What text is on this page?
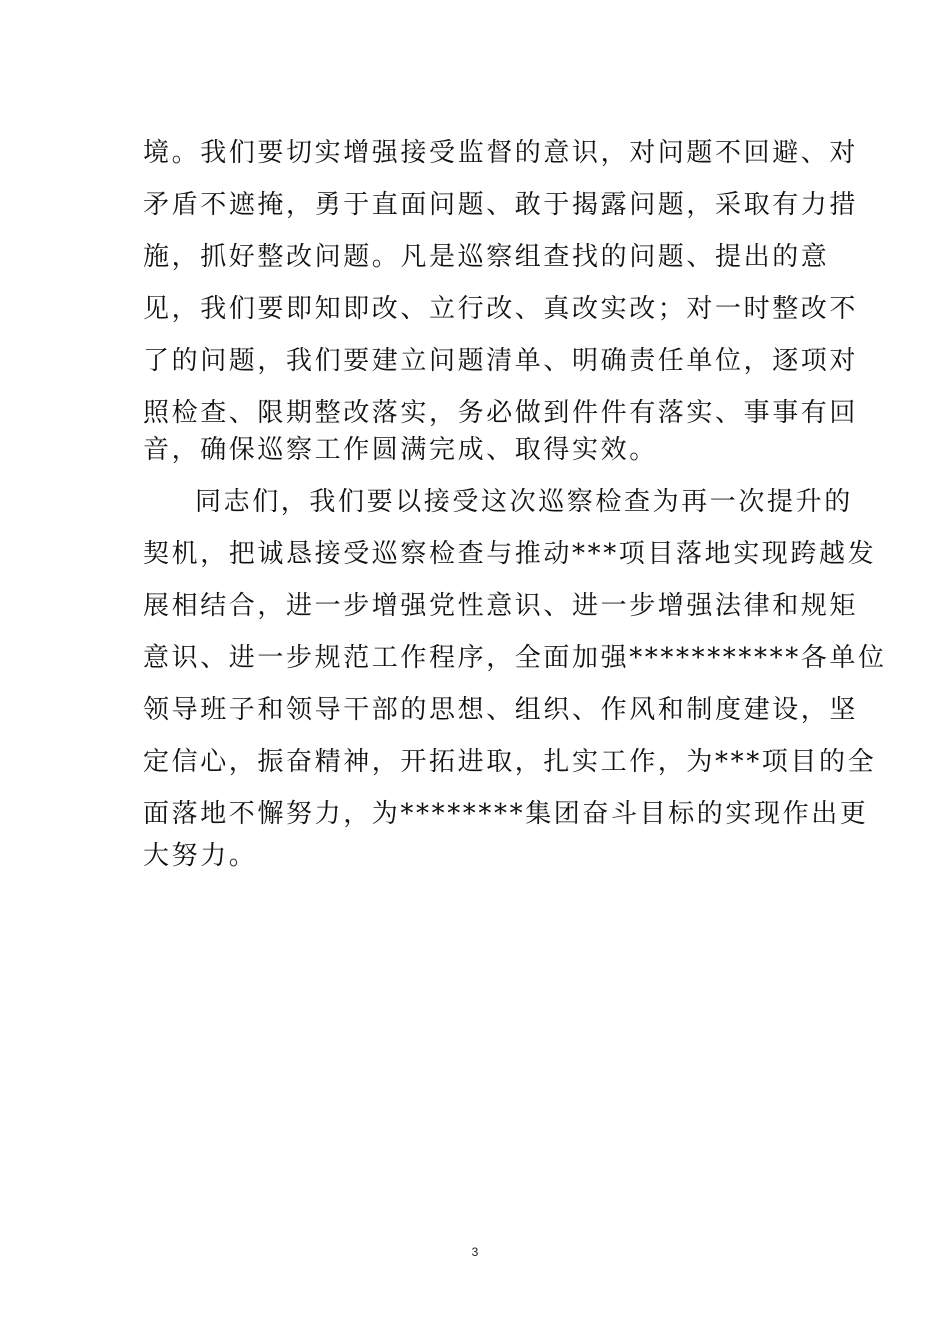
境。我们要切实增强接受监督的意识，对问题不回避、对
矛盾不遮掩，勇于直面问题、敢于揭露问题，采取有力措
施，抓好整改问题。凡是巡察组查找的问题、提出的意
见，我们要即知即改、立行改、真改实改；对一时整改不
了的问题，我们要建立问题清单、明确责任单位，逐项对
照检查、限期整改落实，务必做到件件有落实、事事有回
音，确保巡察工作圆满完成、取得实效。
同志们，我们要以接受这次巡察检查为再一次提升的
契机，把诚恳接受巡察检查与推动***项目落地实现跨越发
展相结合，进一步增强党性意识、进一步增强法律和规矩
意识、进一步规范工作程序，全面加强***********各单位
领导班子和领导干部的思想、组织、作风和制度建设，坚
定信心，振奋精神，开拓进取，扎实工作，为***项目的全
面落地不懈努力，为********集团奋斗目标的实现作出更
大努力。
3
